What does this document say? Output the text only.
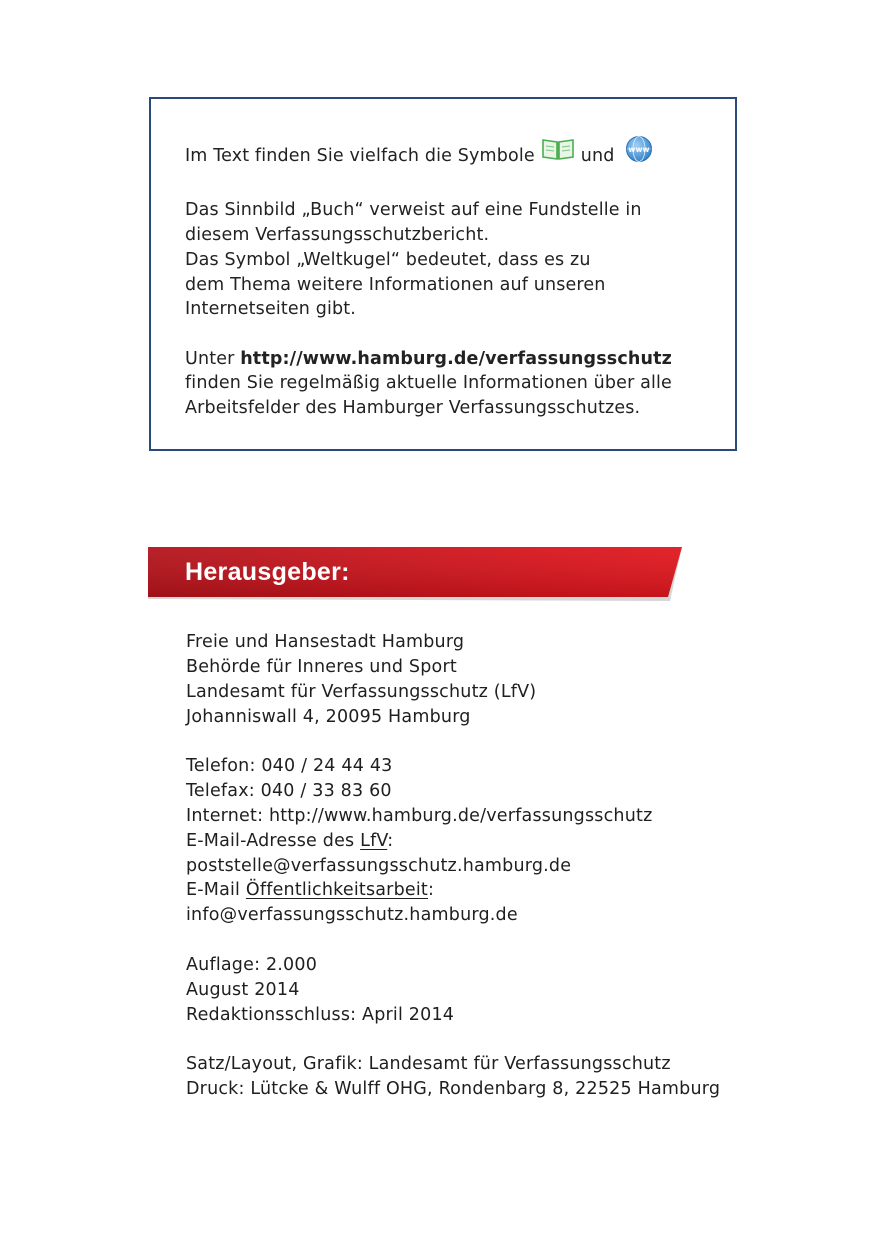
Im Text finden Sie vielfach die Symbole	und www

Das Sinnbild „Buch“ verweist auf eine Fundstelle in
diesem Verfassungsschutzbericht.
Das Symbol „Weltkugel“ bedeutet, dass es zu
dem Thema weitere Informationen auf unseren
Internetseiten gibt.

Unter http://www.hamburg.de/verfassungsschutz
finden Sie regelmäßig aktuelle Informationen über alle
Arbeitsfelder des Hamburger Verfassungsschutzes.

Herausgeber:
Freie und Hansestadt Hamburg
Behörde für Inneres und Sport
Landesamt für Verfassungsschutz (LfV)
Johanniswall 4, 20095 Hamburg
Telefon: 040 / 24 44 43
Telefax: 040 / 33 83 60
Internet: http://www.hamburg.de/verfassungsschutz
E-Mail-Adresse des LfV:
poststelle@verfassungsschutz.hamburg.de
E-Mail Öffentlichkeitsarbeit:
info@verfassungsschutz.hamburg.de
Auflage: 2.000
August 2014
Redaktionsschluss: April 2014
Satz/Layout, Grafik: Landesamt für Verfassungsschutz
Druck: Lütcke & Wulff OHG, Rondenbarg 8, 22525 Hamburg
